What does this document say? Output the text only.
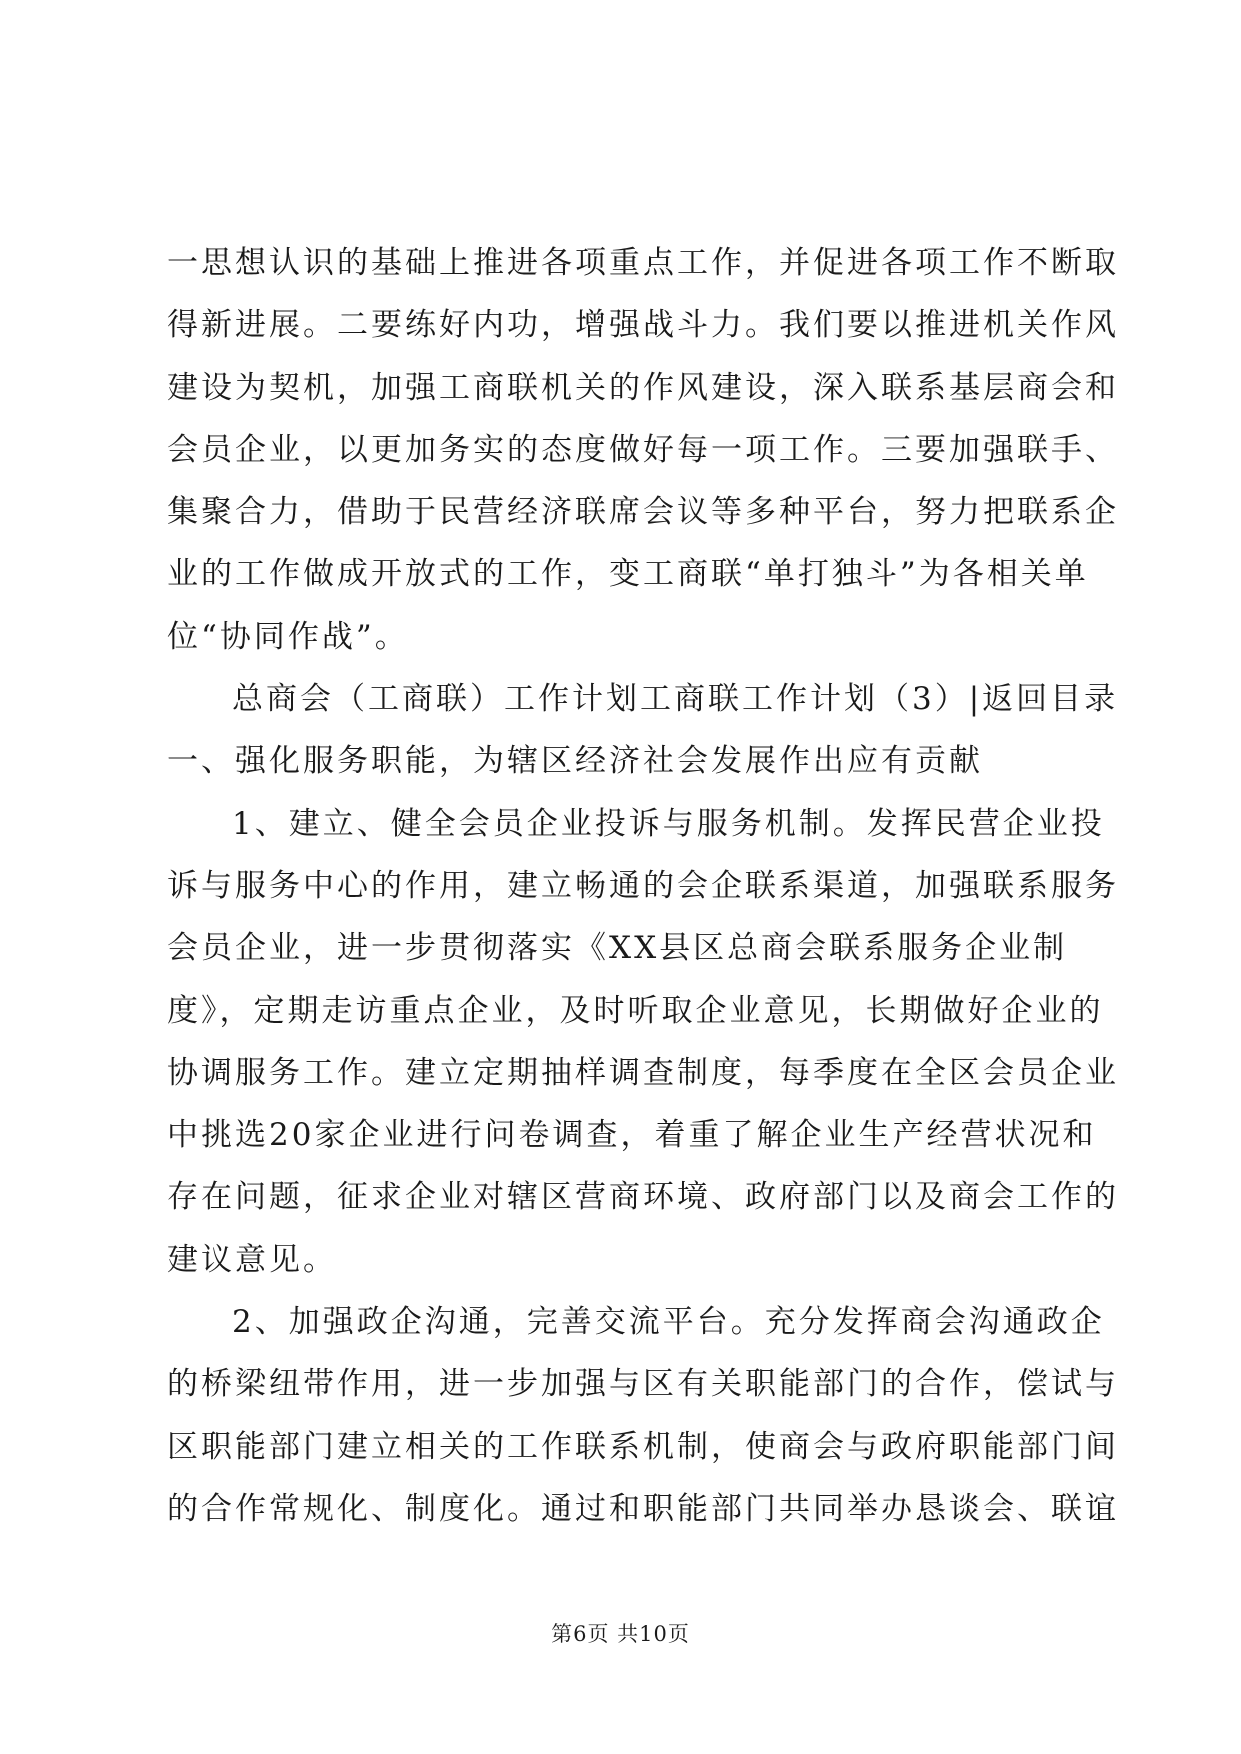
一思想认识的基础上推进各项重点工作，并促进各项工作不断取

得新进展。二要练好内功，增强战斗力。我们要以推进机关作风

建设为契机，加强工商联机关的作风建设，深入联系基层商会和

会员企业，以更加务实的态度做好每一项工作。三要加强联手、

集聚合力，借助于民营经济联席会议等多种平台，努力把联系企

业的工作做成开放式的工作，变工商联“单打独斗”为各相关单

位“协同作战”。

总商会（工商联）工作计划工商联工作计划（3）|返回目录

一、强化服务职能，为辖区经济社会发展作出应有贡献

1、建立、健全会员企业投诉与服务机制。发挥民营企业投

诉与服务中心的作用，建立畅通的会企联系渠道，加强联系服务

会员企业，进一步贯彻落实《XX县区总商会联系服务企业制

度》，定期走访重点企业，及时听取企业意见，长期做好企业的

协调服务工作。建立定期抽样调查制度，每季度在全区会员企业

中挑选20家企业进行问卷调查，着重了解企业生产经营状况和

存在问题，征求企业对辖区营商环境、政府部门以及商会工作的

建议意见。

2、加强政企沟通，完善交流平台。充分发挥商会沟通政企

的桥梁纽带作用，进一步加强与区有关职能部门的合作，偿试与

区职能部门建立相关的工作联系机制，使商会与政府职能部门间

的合作常规化、制度化。通过和职能部门共同举办恳谈会、联谊

第6页 共10页
